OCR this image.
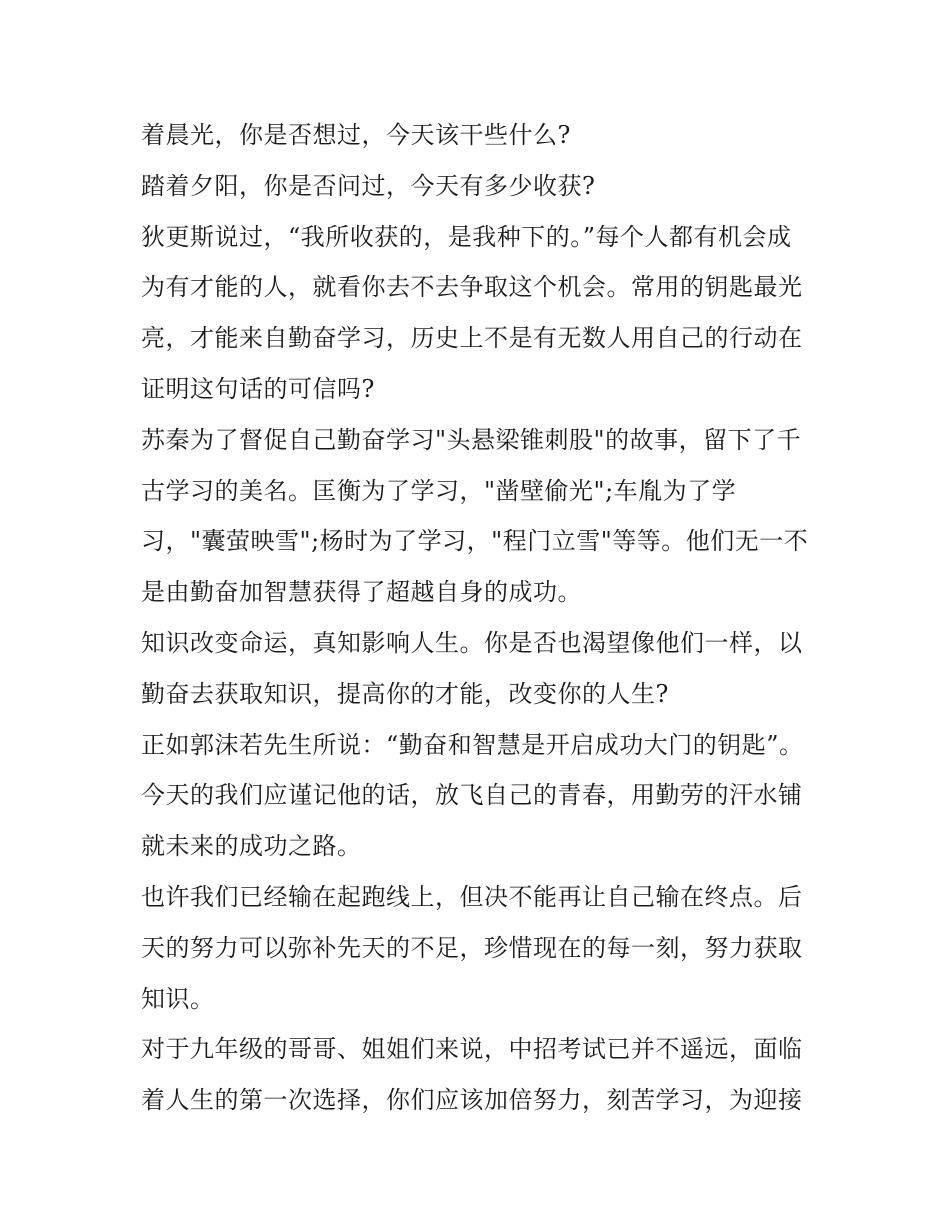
着晨光，你是否想过，今天该干些什么?
踏着夕阳，你是否问过，今天有多少收获?
狄更斯说过，“我所收获的，是我种下的。”每个人都有机会成
为有才能的人，就看你去不去争取这个机会。常用的钥匙最光
亮，才能来自勤奋学习，历史上不是有无数人用自己的行动在
证明这句话的可信吗?
苏秦为了督促自己勤奋学习"头悬梁锥刺股"的故事，留下了千
古学习的美名。匡衡为了学习，"凿壁偷光";车胤为了学
习，"囊萤映雪";杨时为了学习，"程门立雪"等等。他们无一不
是由勤奋加智慧获得了超越自身的成功。
知识改变命运，真知影响人生。你是否也渴望像他们一样，以
勤奋去获取知识，提高你的才能，改变你的人生?
正如郭沫若先生所说：“勤奋和智慧是开启成功大门的钥匙”。
今天的我们应谨记他的话，放飞自己的青春，用勤劳的汗水铺
就未来的成功之路。
也许我们已经输在起跑线上，但决不能再让自己输在终点。后
天的努力可以弥补先天的不足，珍惜现在的每一刻，努力获取
知识。
对于九年级的哥哥、姐姐们来说，中招考试已并不遥远，面临
着人生的第一次选择，你们应该加倍努力，刻苦学习，为迎接
